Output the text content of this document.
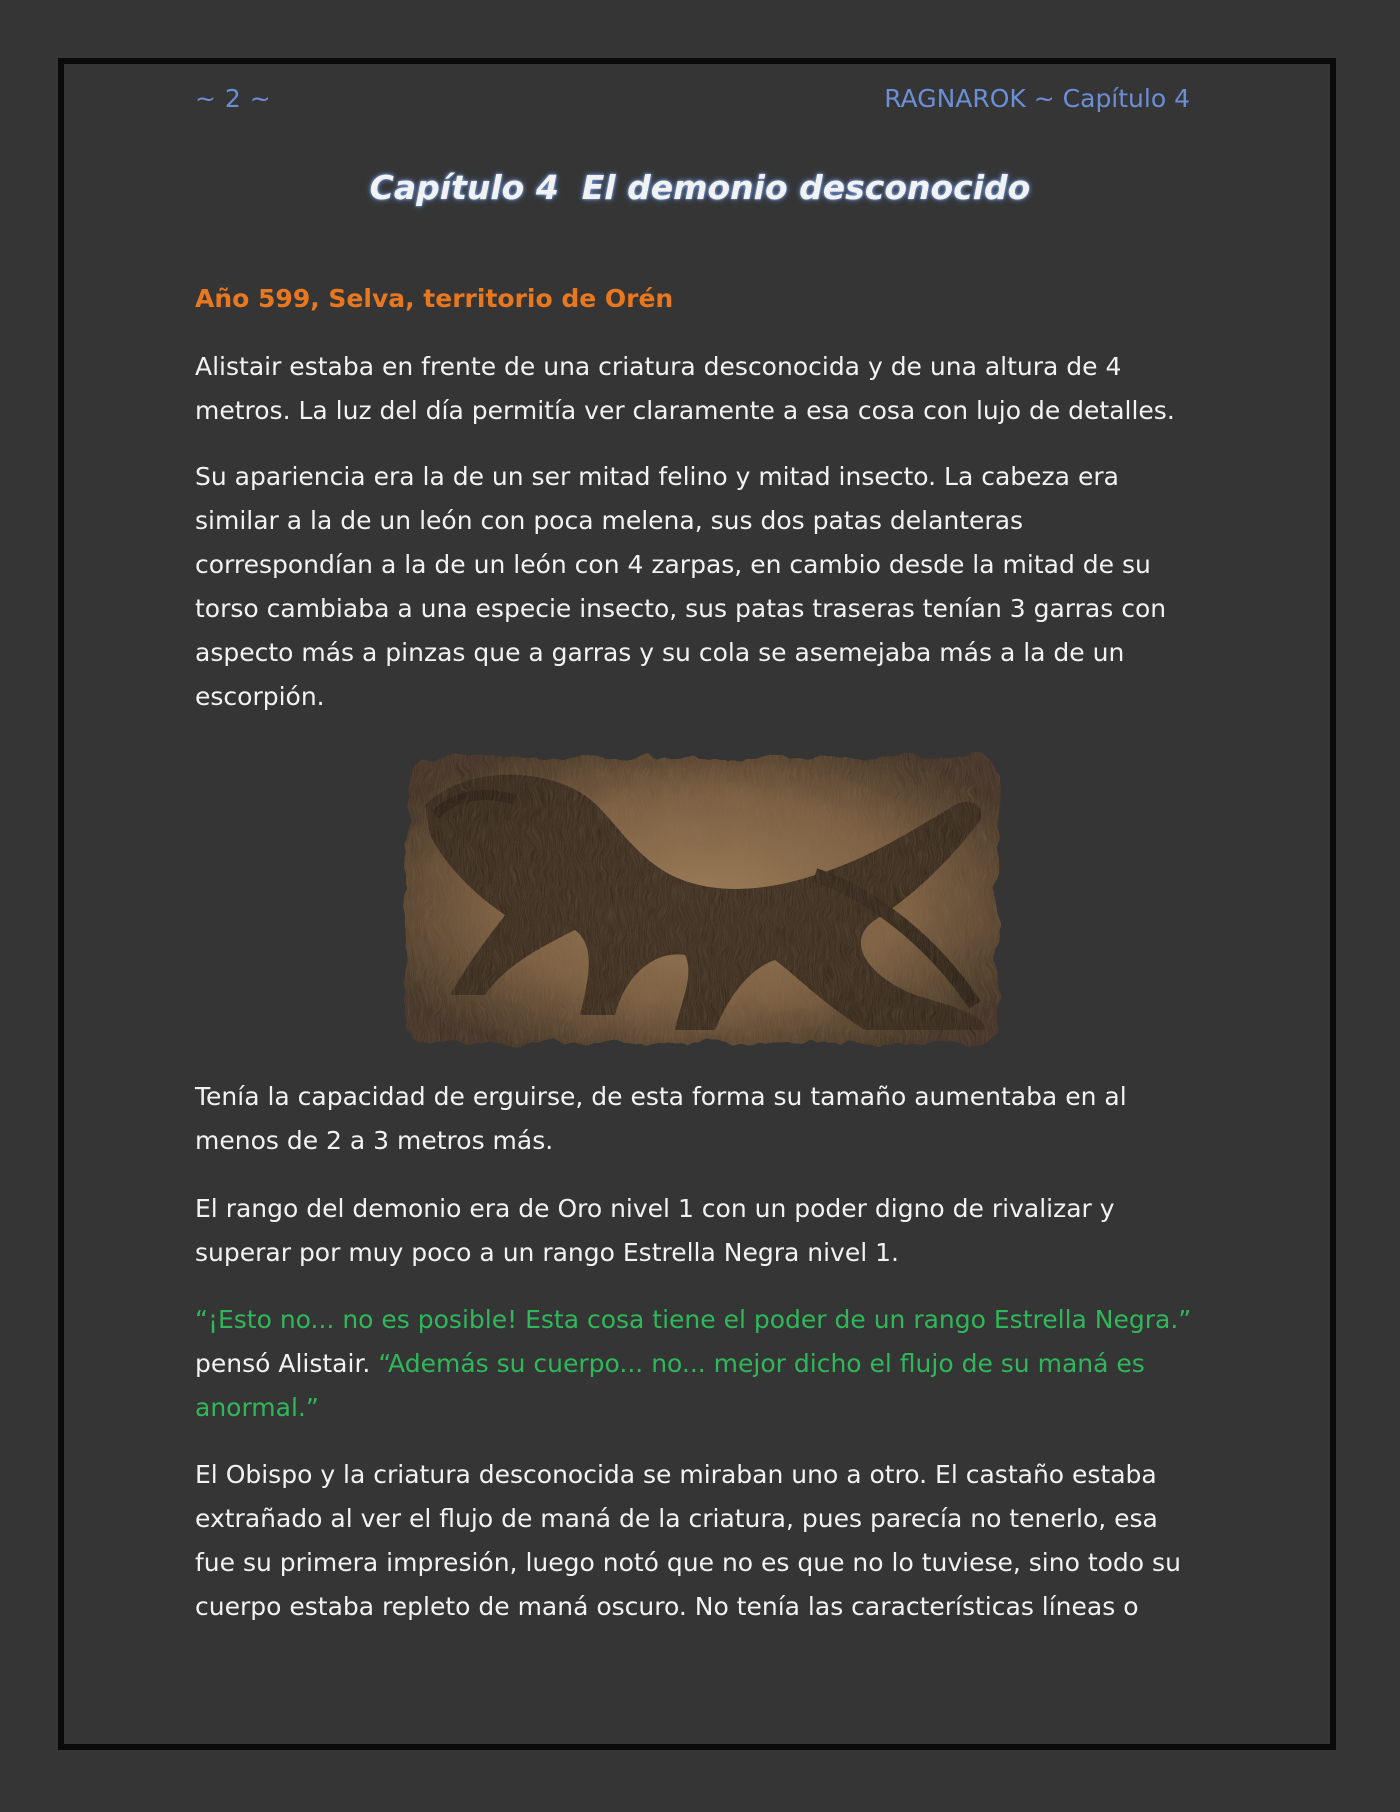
~ 2 ~	RAGNAROK ~ Capítulo 4
Capítulo 4  El demonio desconocido
Año 599, Selva, territorio de Orén

Alistair estaba en frente de una criatura desconocida y de una altura de 4 metros. La luz del día permitía ver claramente a esa cosa con lujo de detalles.

Su apariencia era la de un ser mitad felino y mitad insecto. La cabeza era similar a la de un león con poca melena, sus dos patas delanteras correspondían a la de un león con 4 zarpas, en cambio desde la mitad de su torso cambiaba a una especie insecto, sus patas traseras tenían 3 garras con aspecto más a pinzas que a garras y su cola se asemejaba más a la de un escorpión.

Tenía la capacidad de erguirse, de esta forma su tamaño aumentaba en al menos de 2 a 3 metros más.

El rango del demonio era de Oro nivel 1 con un poder digno de rivalizar y superar por muy poco a un rango Estrella Negra nivel 1.

“¡Esto no... no es posible! Esta cosa tiene el poder de un rango Estrella Negra.”
pensó Alistair. “Además su cuerpo... no... mejor dicho el flujo de su maná es anormal.”

El Obispo y la criatura desconocida se miraban uno a otro. El castaño estaba extrañado al ver el flujo de maná de la criatura, pues parecía no tenerlo, esa fue su primera impresión, luego notó que no es que no lo tuviese, sino todo su cuerpo estaba repleto de maná oscuro. No tenía las características líneas o
